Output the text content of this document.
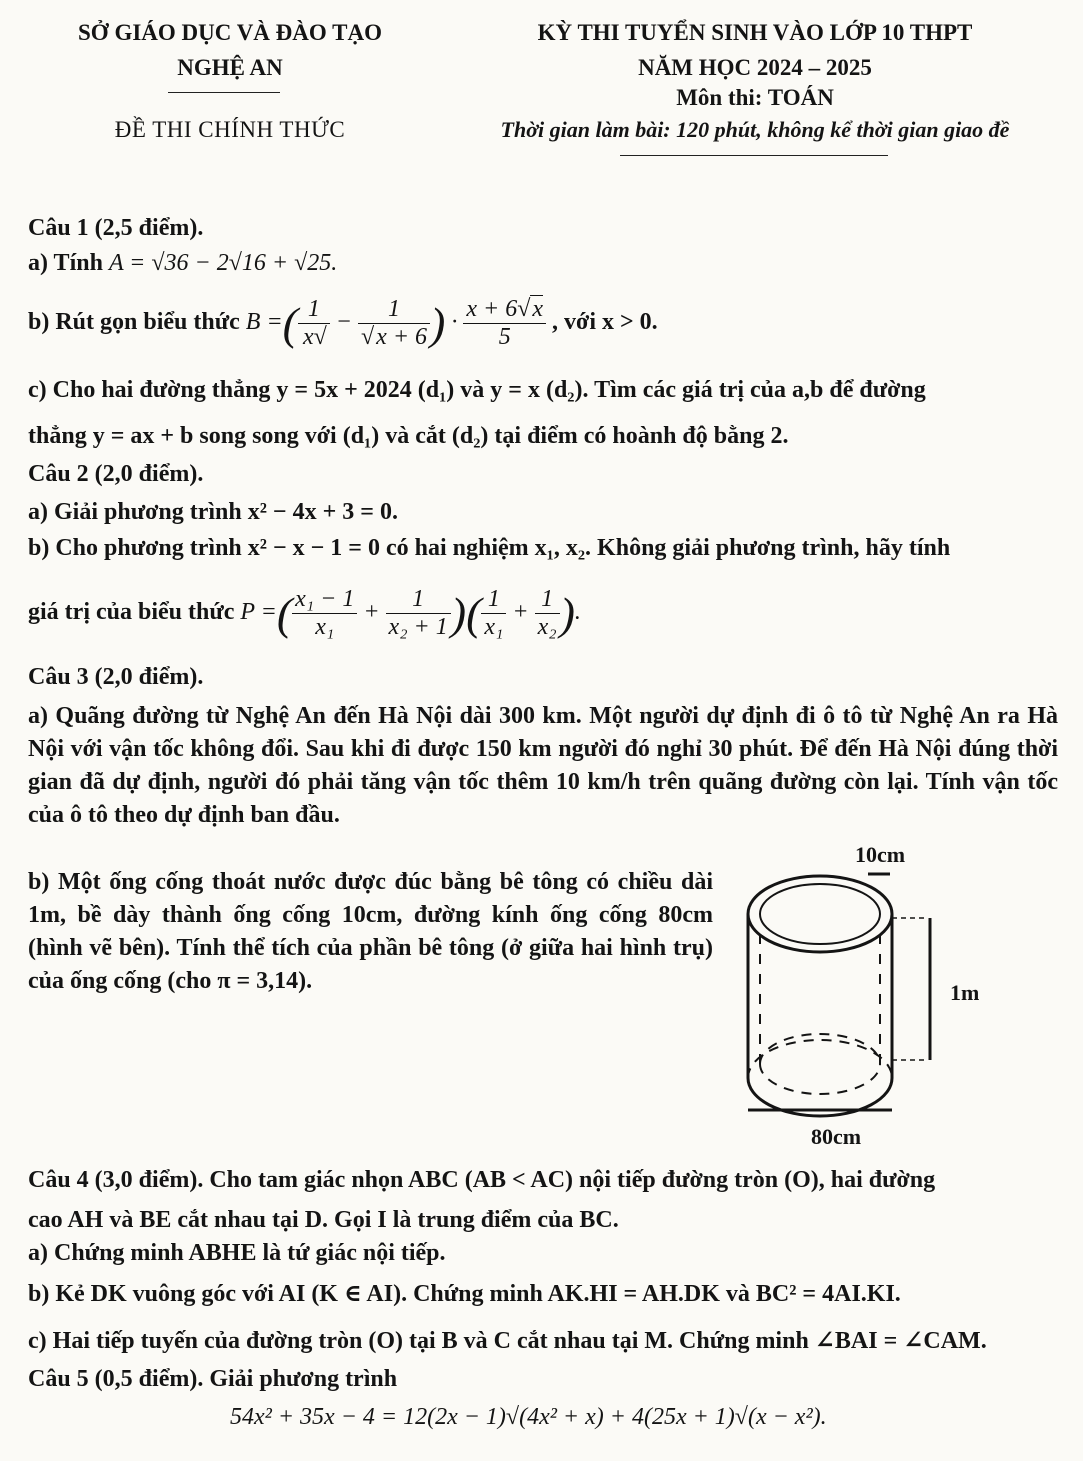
SỞ GIÁO DỤC VÀ ĐÀO TẠO
NGHỆ AN
ĐỀ THI CHÍNH THỨC
KỲ THI TUYỂN SINH VÀO LỚP 10 THPT
NĂM HỌC 2024 – 2025
Môn thi: TOÁN
Thời gian làm bài: 120 phút, không kể thời gian giao đề
Câu 1 (2,5 điểm).
a) Tính A = √36 − 2√16 + √25.
b) Rút gọn biểu thức B =( $\frac{1}{x√} - \frac{1}{√x + 6}$ ) · $\frac{x + 6√x}{5}$ , với x > 0.
c) Cho hai đường thẳng y = 5x + 2024 (d₁) và y = x (d₂). Tìm các giá trị của a,b để đường
thẳng y = ax + b song song với (d₁) và cắt (d₂) tại điểm có hoành độ bằng 2.
Câu 2 (2,0 điểm).
a) Giải phương trình x² − 4x + 3 = 0.
b) Cho phương trình x² − x − 1 = 0 có hai nghiệm x₁, x₂. Không giải phương trình, hãy tính
giá trị của biểu thức P =( $\frac{\text{x₁ − 1}}{\text{x₁}} + \frac{1}{\text{x₂ + 1}}$ )( $\frac{1}{\text{x₁}} + \frac{1}{\text{x₂}}$ ).
Câu 3 (2,0 điểm).
a) Quãng đường từ Nghệ An đến Hà Nội dài 300 km. Một người dự định đi ô tô từ Nghệ An ra Hà Nội với vận tốc không đổi. Sau khi đi được 150 km người đó nghỉ 30 phút. Để đến Hà Nội đúng thời gian đã dự định, người đó phải tăng vận tốc thêm 10 km/h trên quãng đường còn lại. Tính vận tốc của ô tô theo dự định ban đầu.
b) Một ống cống thoát nước được đúc bằng bê tông có chiều dài 1m, bề dày thành ống cống 10cm, đường kính ống cống 80cm (hình vẽ bên). Tính thể tích của phần bê tông (ở giữa hai hình trụ) của ống cống (cho π = 3,14).
10cm
1m
80cm
Câu 4 (3,0 điểm). Cho tam giác nhọn ABC (AB < AC) nội tiếp đường tròn (O), hai đường
cao AH và BE cắt nhau tại D. Gọi I là trung điểm của BC.
a) Chứng minh ABHE là tứ giác nội tiếp.
b) Kẻ DK vuông góc với AI (K ∈ AI). Chứng minh AK.HI = AH.DK và BC² = 4AI.KI.
c) Hai tiếp tuyến của đường tròn (O) tại B và C cắt nhau tại M. Chứng minh ∠BAI = ∠CAM.
Câu 5 (0,5 điểm). Giải phương trình
54x² + 35x − 4 = 12(2x − 1)√(4x² + x) + 4(25x + 1)√(x − x²).
